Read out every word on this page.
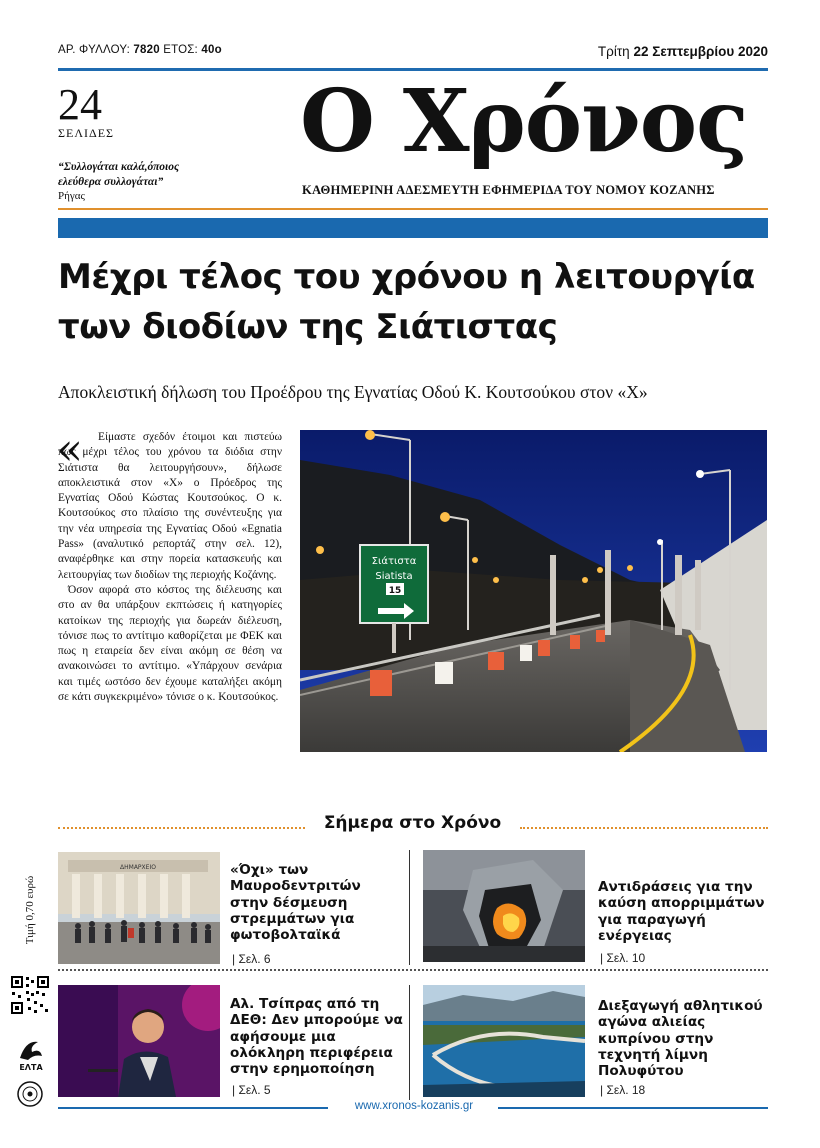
ΑΡ. ΦΥΛΛΟΥ: 7820 ΕΤΟΣ: 40ο	Τρίτη 22 Σεπτεμβρίου 2020
24
ΣΕΛΙΔΕΣ
“Συλλογάται καλά,όποιος
ελεύθερα συλλογάται”
Ρήγας
Ο Χρόνος
ΚΑΘΗΜΕΡΙΝΗ ΑΔΕΣΜΕΥΤΗ ΕΦΗΜΕΡΙΔΑ ΤΟΥ ΝΟΜΟΥ ΚΟΖΑΝΗΣ
Μέχρι τέλος του χρόνου η λειτουργία
των διοδίων της Σιάτιστας
Αποκλειστική δήλωση του Προέδρου της Εγνατίας Οδού Κ. Κουτσούκου στον «Χ»
«	Είμαστε σχεδόν έτοιμοι και πιστεύω πως μέχρι τέλος του χρόνου τα διόδια στην Σιάτιστα θα λειτουργήσουν», δήλωσε αποκλειστικά στον «Χ» ο Πρόεδρος της Εγνατίας Οδού Κώστας Κουτσούκος. Ο κ. Κουτσούκος στο πλαίσιο της συνέντευξης για την νέα υπηρεσία της Εγνατίας Οδού «Egnatia Pass» (αναλυτικό ρεπορτάζ στην σελ. 12), αναφέρθηκε και στην πορεία κατασκευής και λειτουργίας των διοδίων της περιοχής Κοζάνης.

Όσον αφορά στο κόστος της διέλευσης και στο αν θα υπάρξουν εκπτώσεις ή κατηγορίες κατοίκων της περιοχής για δωρεάν διέλευση, τόνισε πως το αντίτιμο καθορίζεται με ΦΕΚ και πως η εταιρεία δεν είναι ακόμη σε θέση να ανακοινώσει το αντίτιμο. «Υπάρχουν σενάρια και τιμές ωστόσο δεν έχουμε καταλήξει ακόμη σε κάτι συγκεκριμένο» τόνισε ο κ. Κουτσούκος.

Σιάτιστα
Siatista
15
Σήμερα στο Χρόνο
Τιμή 0,70 ευρώ
ΕΛΤΑ
ΔΗΜΑΡΧΕΙΟ	«Όχι» των Μαυροδεντριτών στην δέσμευση στρεμμάτων για φωτοβολταϊκά
| Σελ. 6
Αντιδράσεις για την καύση απορριμμάτων για παραγωγή ενέργειας
| Σελ. 10
Αλ. Τσίπρας από τη ΔΕΘ: Δεν μπορούμε να αφήσουμε μια ολόκληρη περιφέρεια στην ερημοποίηση
| Σελ. 5
Διεξαγωγή αθλητικού αγώνα αλιείας κυπρίνου στην τεχνητή λίμνη Πολυφύτου
| Σελ. 18
www.xronos-kozanis.gr
